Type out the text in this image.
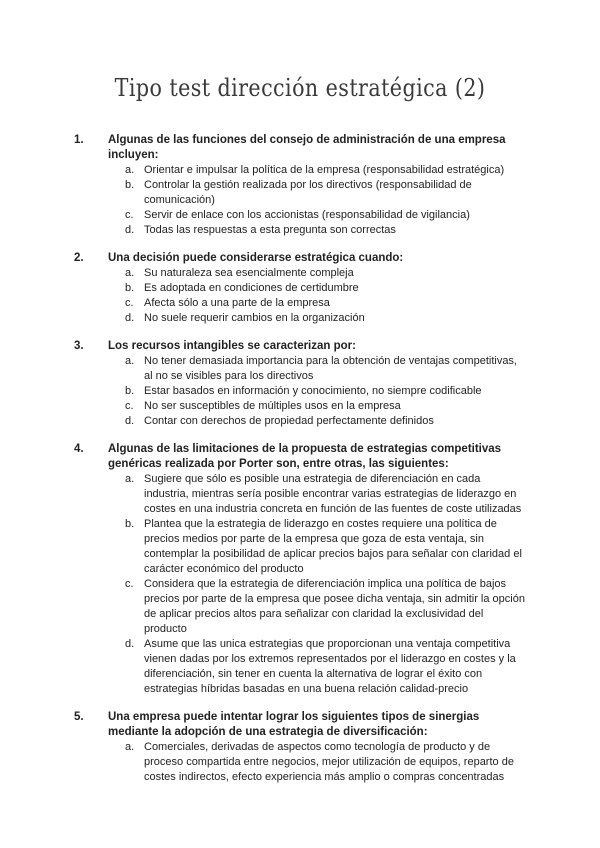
Tipo test dirección estratégica (2)
1.	Algunas de las funciones del consejo de administración de una empresa incluyen:
a. Orientar e impulsar la política de la empresa (responsabilidad estratégica)
b. Controlar la gestión realizada por los directivos (responsabilidad de comunicación)
c. Servir de enlace con los accionistas (responsabilidad de vigilancia)
d. Todas las respuestas a esta pregunta son correctas
2.	Una decisión puede considerarse estratégica cuando:
a. Su naturaleza sea esencialmente compleja
b. Es adoptada en condiciones de certidumbre
c. Afecta sólo a una parte de la empresa
d. No suele requerir cambios en la organización
3.	Los recursos intangibles se caracterizan por:
a. No tener demasiada importancia para la obtención de ventajas competitivas, al no se visibles para los directivos
b. Estar basados en información y conocimiento, no siempre codificable
c. No ser susceptibles de múltiples usos en la empresa
d. Contar con derechos de propiedad perfectamente definidos
4.	Algunas de las limitaciones de la propuesta de estrategias competitivas genéricas realizada por Porter son, entre otras, las siguientes:
a. Sugiere que sólo es posible una estrategia de diferenciación en cada industria, mientras sería posible encontrar varias estrategias de liderazgo en costes en una industria concreta en función de las fuentes de coste utilizadas
b. Plantea que la estrategia de liderazgo en costes requiere una política de precios medios por parte de la empresa que goza de esta ventaja, sin contemplar la posibilidad de aplicar precios bajos para señalar con claridad el carácter económico del producto
c. Considera que la estrategia de diferenciación implica una política de bajos precios por parte de la empresa que posee dicha ventaja, sin admitir la opción de aplicar precios altos para señalizar con claridad la exclusividad del producto
d. Asume que las unica estrategias que proporcionan una ventaja competitiva vienen dadas por los extremos representados por el liderazgo en costes y la diferenciación, sin tener en cuenta la alternativa de lograr el éxito con estrategias híbridas basadas en una buena relación calidad-precio
5.	Una empresa puede intentar lograr los siguientes tipos de sinergias mediante la adopción de una estrategia de diversificación:
a. Comerciales, derivadas de aspectos como tecnología de producto y de proceso compartida entre negocios, mejor utilización de equipos, reparto de costes indirectos, efecto experiencia más amplio o compras concentradas
